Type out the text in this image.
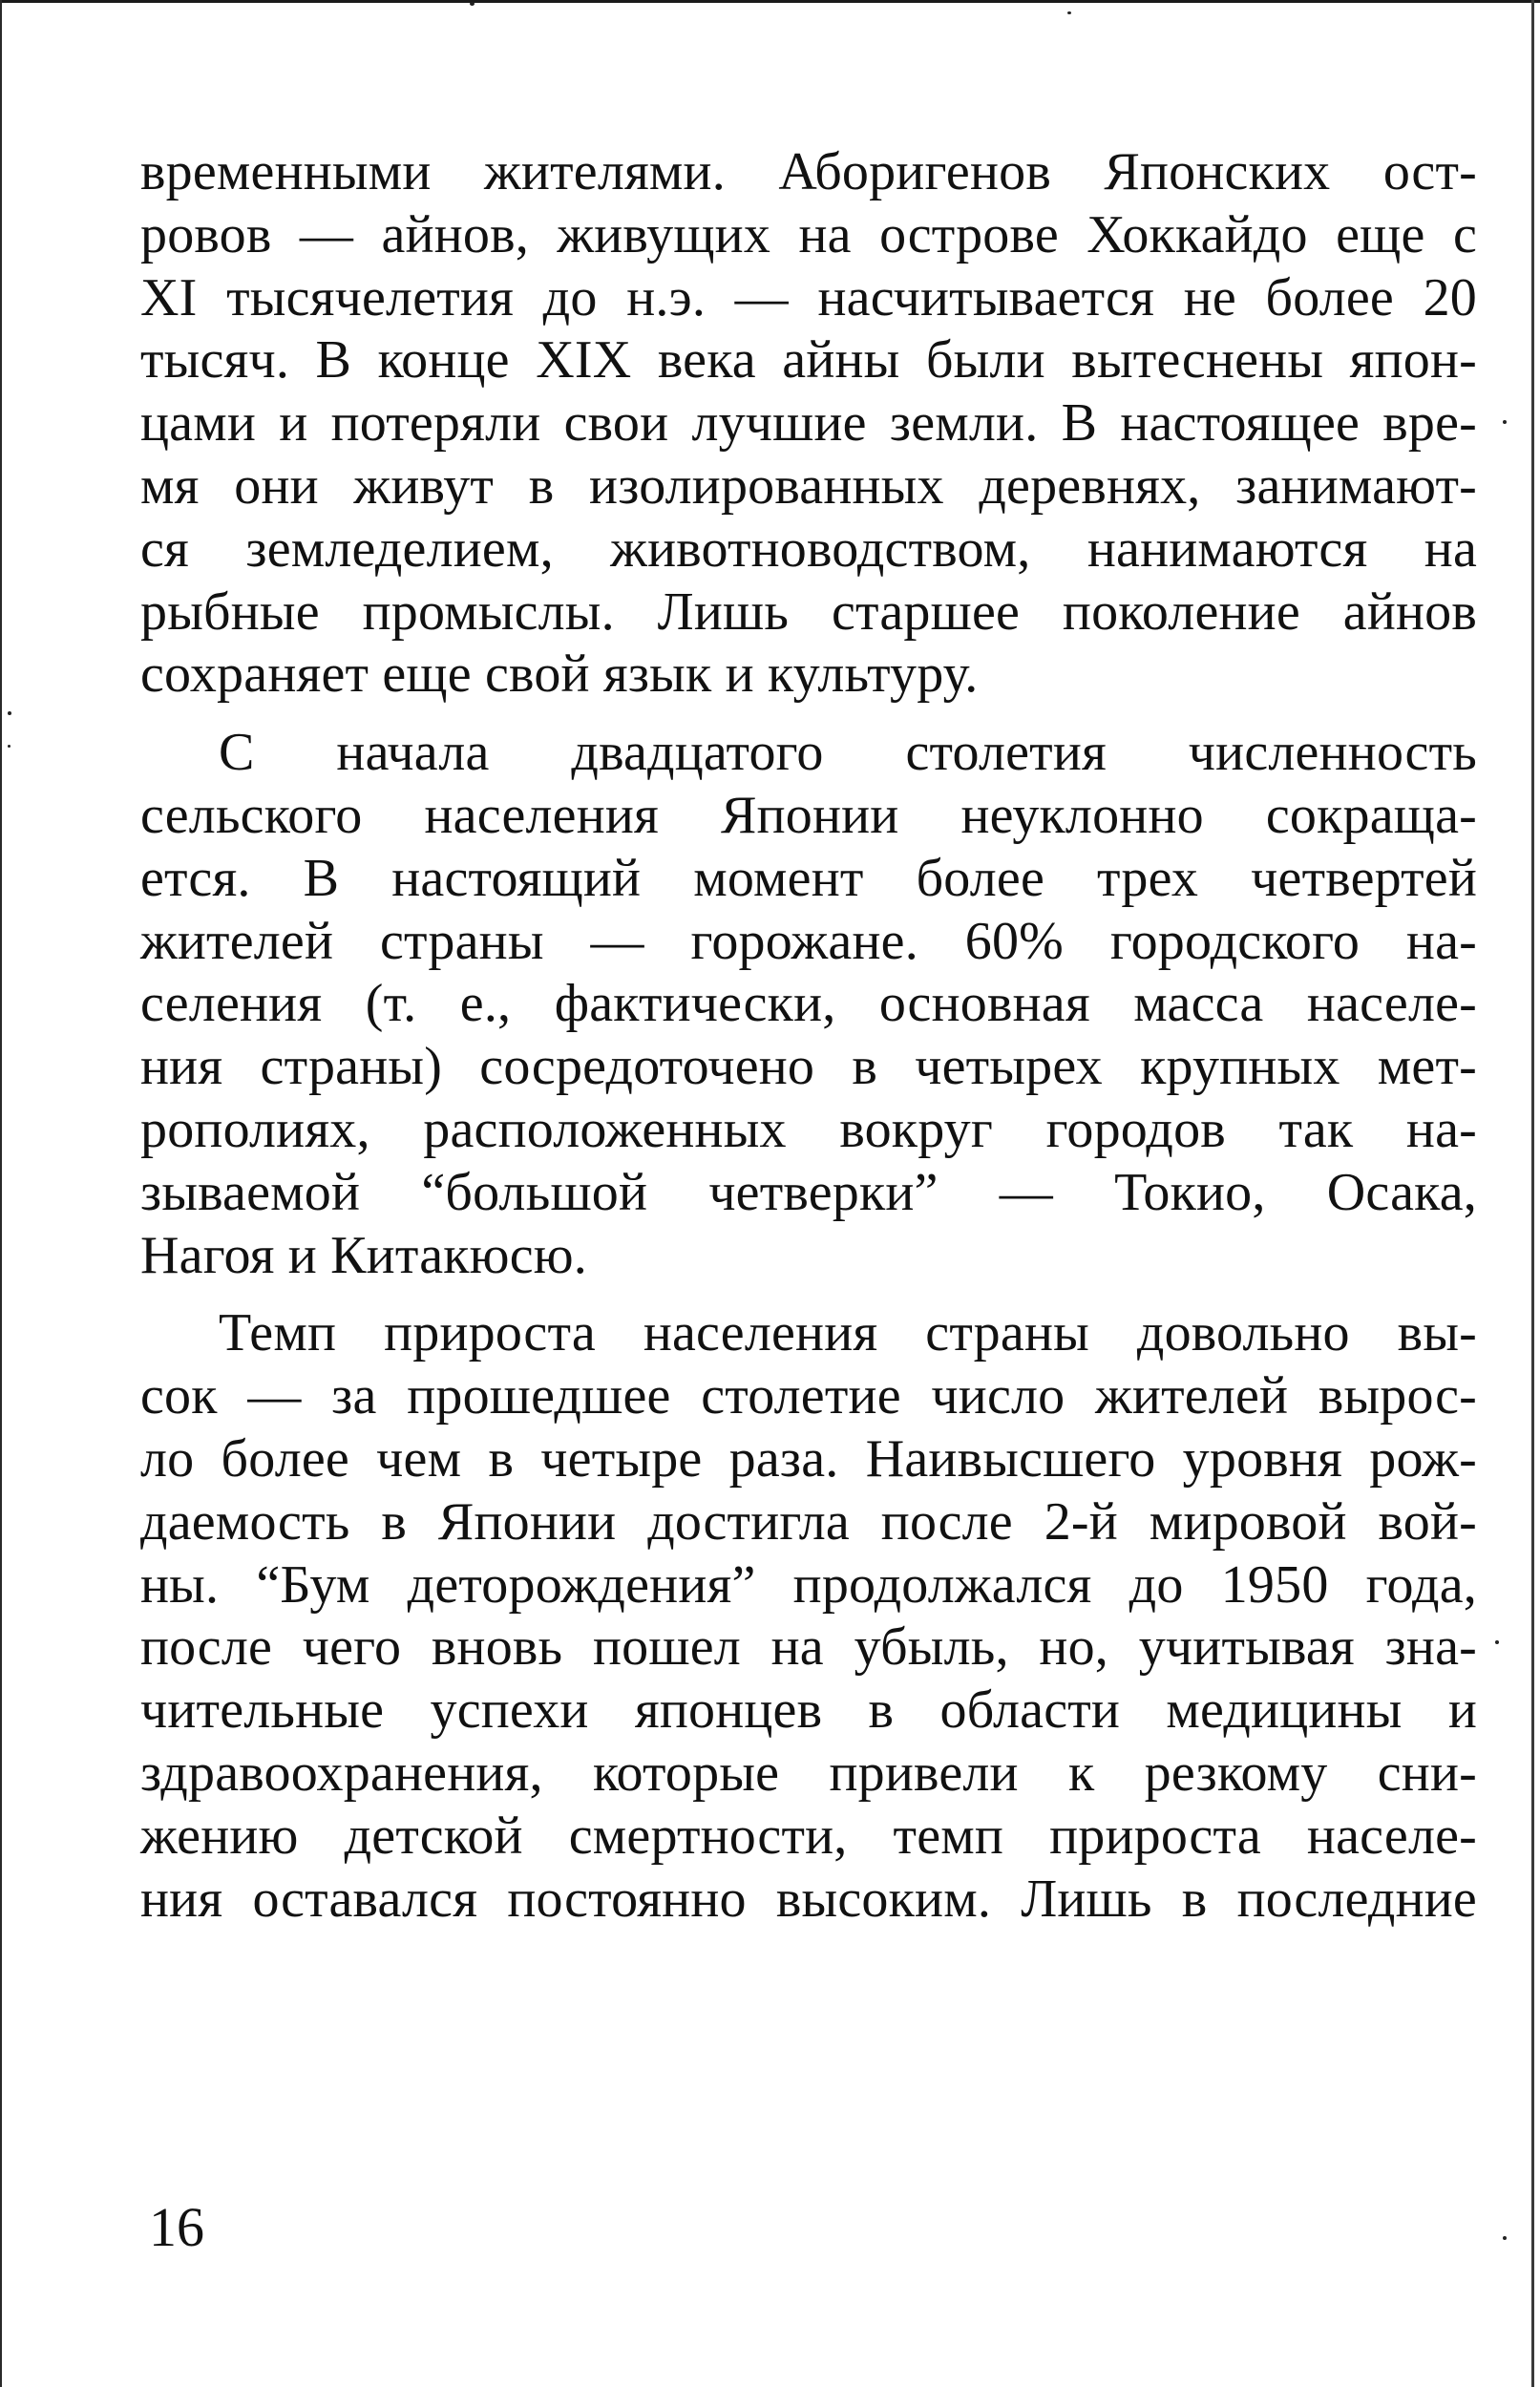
временными жителями. Аборигенов Японских ост-
ровов — айнов, живущих на острове Хоккайдо еще с
XI тысячелетия до н.э. — насчитывается не более 20
тысяч. В конце XIX века айны были вытеснены япон-
цами и потеряли свои лучшие земли. В настоящее вре-
мя они живут в изолированных деревнях, занимают-
ся земледелием, животноводством, нанимаются на
рыбные промыслы. Лишь старшее поколение айнов
сохраняет еще свой язык и культуру.
С начала двадцатого столетия численность
сельского населения Японии неуклонно сокраща-
ется. В настоящий момент более трех четвертей
жителей страны — горожане. 60% городского на-
селения (т. е., фактически, основная масса населе-
ния страны) сосредоточено в четырех крупных мет-
рополиях, расположенных вокруг городов так на-
зываемой “большой четверки” — Токио, Осака,
Нагоя и Китакюсю.
Темп прироста населения страны довольно вы-
сок — за прошедшее столетие число жителей вырос-
ло более чем в четыре раза. Наивысшего уровня рож-
даемость в Японии достигла после 2-й мировой вой-
ны. “Бум деторождения” продолжался до 1950 года,
после чего вновь пошел на убыль, но, учитывая зна-
чительные успехи японцев в области медицины и
здравоохранения, которые привели к резкому сни-
жению детской смертности, темп прироста населе-
ния оставался постоянно высоким. Лишь в последние
16
